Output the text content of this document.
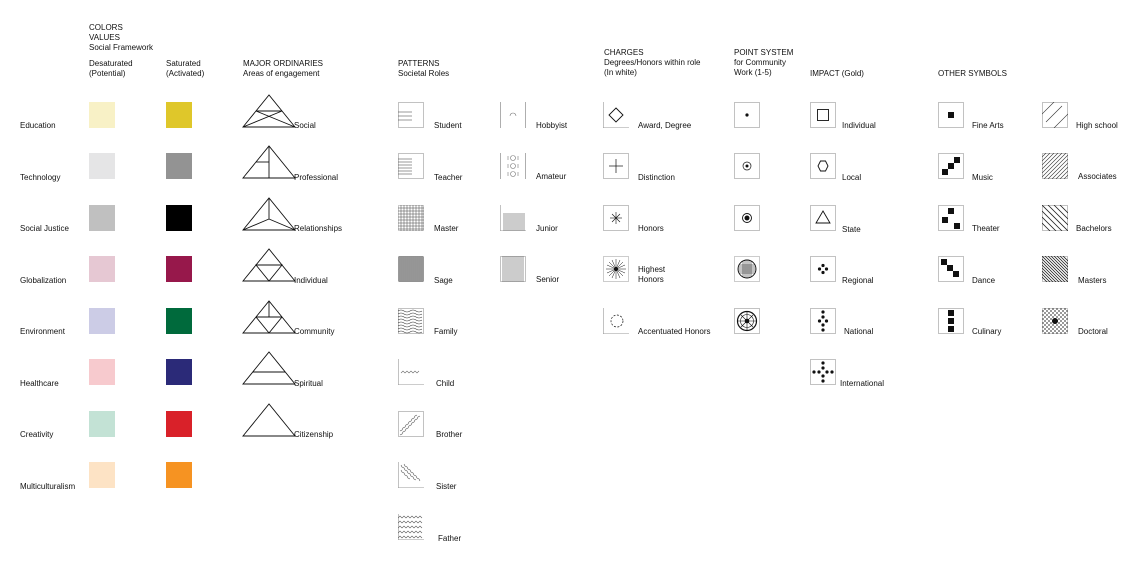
COLORS
VALUES
Social Framework
Desaturated
(Potential)
Saturated
(Activated)
MAJOR ORDINARIES
Areas of engagement
PATTERNS
Societal Roles
CHARGES
Degrees/Honors within role
(In white)
POINT SYSTEM
for Community
Work (1-5)	IMPACT (Gold)	OTHER SYMBOLS
Education
Technology
Social Justice
Globalization
Environment
Healthcare
Creativity
Multiculturalism
Social
Professional
Relationships
Individual
Community
Spiritual
Citizenship
Student
Teacher
Master
Sage
Family
Child
Brother
Sister
Father
Hobbyist
Amateur
Junior
Senior
Award, Degree
Distinction
Honors
Highest
Honors
Accentuated Honors
Individual
Local
State
Regional
National
International
Fine Arts
Music
Theater
Dance
Culinary
High school
Associates
Bachelors
Masters
Doctoral
